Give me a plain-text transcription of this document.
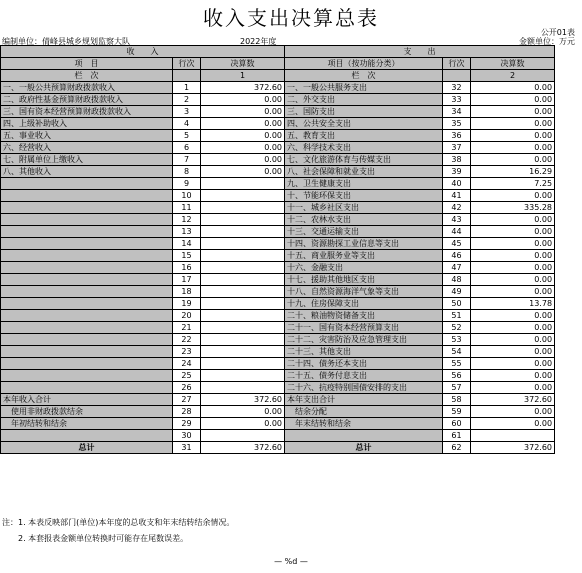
收入支出决算总表
公开01表
编制单位：倩峰县城乡规划监察大队	2022年度	金额单位：万元
收　　入			支　　出		
项　目	行次	决算数	项目（按功能分类）	行次	决算数
栏　次		1	栏　次		2
一、一般公共预算财政拨款收入	1	372.60	一、一般公共服务支出	32	0.00
二、政府性基金预算财政拨款收入	2	0.00	二、外交支出	33	0.00
三、国有资本经营预算财政拨款收入	3	0.00	三、国防支出	34	0.00
四、上级补助收入	4	0.00	四、公共安全支出	35	0.00
五、事业收入	5	0.00	五、教育支出	36	0.00
六、经营收入	6	0.00	六、科学技术支出	37	0.00
七、附属单位上缴收入	7	0.00	七、文化旅游体育与传媒支出	38	0.00
八、其他收入	8	0.00	八、社会保障和就业支出	39	16.29
	9		九、卫生健康支出	40	7.25
	10		十、节能环保支出	41	0.00
	11		十一、城乡社区支出	42	335.28
	12		十二、农林水支出	43	0.00
	13		十三、交通运输支出	44	0.00
	14		十四、资源勘探工业信息等支出	45	0.00
	15		十五、商业服务业等支出	46	0.00
	16		十六、金融支出	47	0.00
	17		十七、援助其他地区支出	48	0.00
	18		十八、自然资源海洋气象等支出	49	0.00
	19		十九、住房保障支出	50	13.78
	20		二十、粮油物资储备支出	51	0.00
	21		二十一、国有资本经营预算支出	52	0.00
	22		二十二、灾害防治及应急管理支出	53	0.00
	23		二十三、其他支出	54	0.00
	24		二十四、债务还本支出	55	0.00
	25		二十五、债务付息支出	56	0.00
	26		二十六、抗疫特别国债安排的支出	57	0.00
本年收入合计	27	372.60	本年支出合计	58	372.60
　使用非财政拨款结余	28	0.00	　结余分配	59	0.00
　年初结转和结余	29	0.00	　年末结转和结余	60	0.00
	30			61	
总计	31	372.60	总计	62	372.60
注：1. 本表反映部门(单位)本年度的总收支和年末结转结余情况。
　　2. 本套报表金额单位转换时可能存在尾数误差。
— %d —
